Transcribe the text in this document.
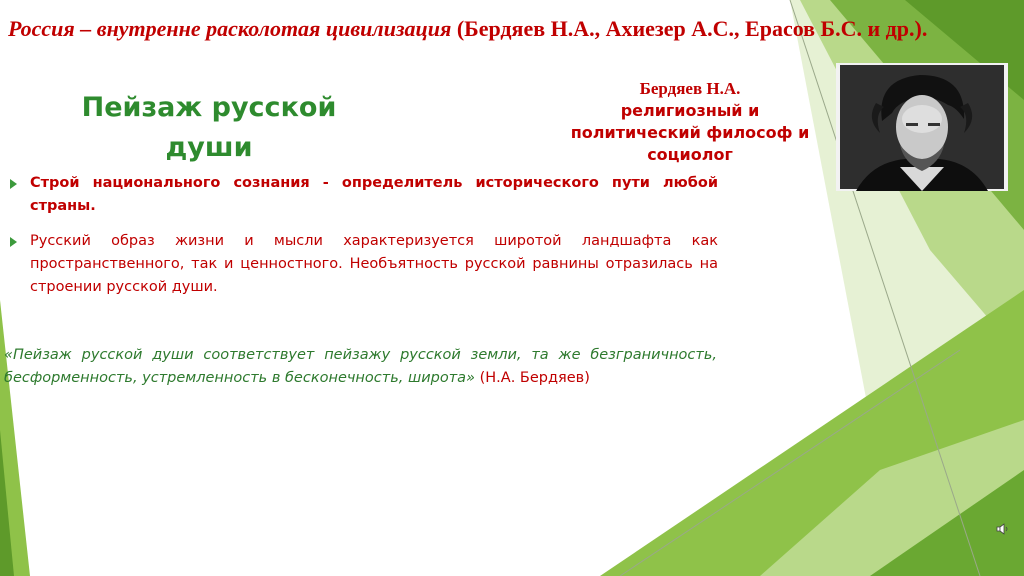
Россия – внутренне расколотая цивилизация (Бердяев Н.А., Ахиезер А.С., Ерасов Б.С. и др.).
Пейзаж русской души
Бердяев Н.А.
религиозный и политический философ и социолог
Строй национального сознания - определитель исторического пути любой страны.
Русский образ жизни и мысли характеризуется широтой ландшафта как пространственного, так и ценностного. Необъятность русской равнины отразилась на строении русской души.
«Пейзаж русской души соответствует пейзажу русской земли, та же безграничность, бесформенность, устремленность в бесконечность, широта» (Н.А. Бердяев)
